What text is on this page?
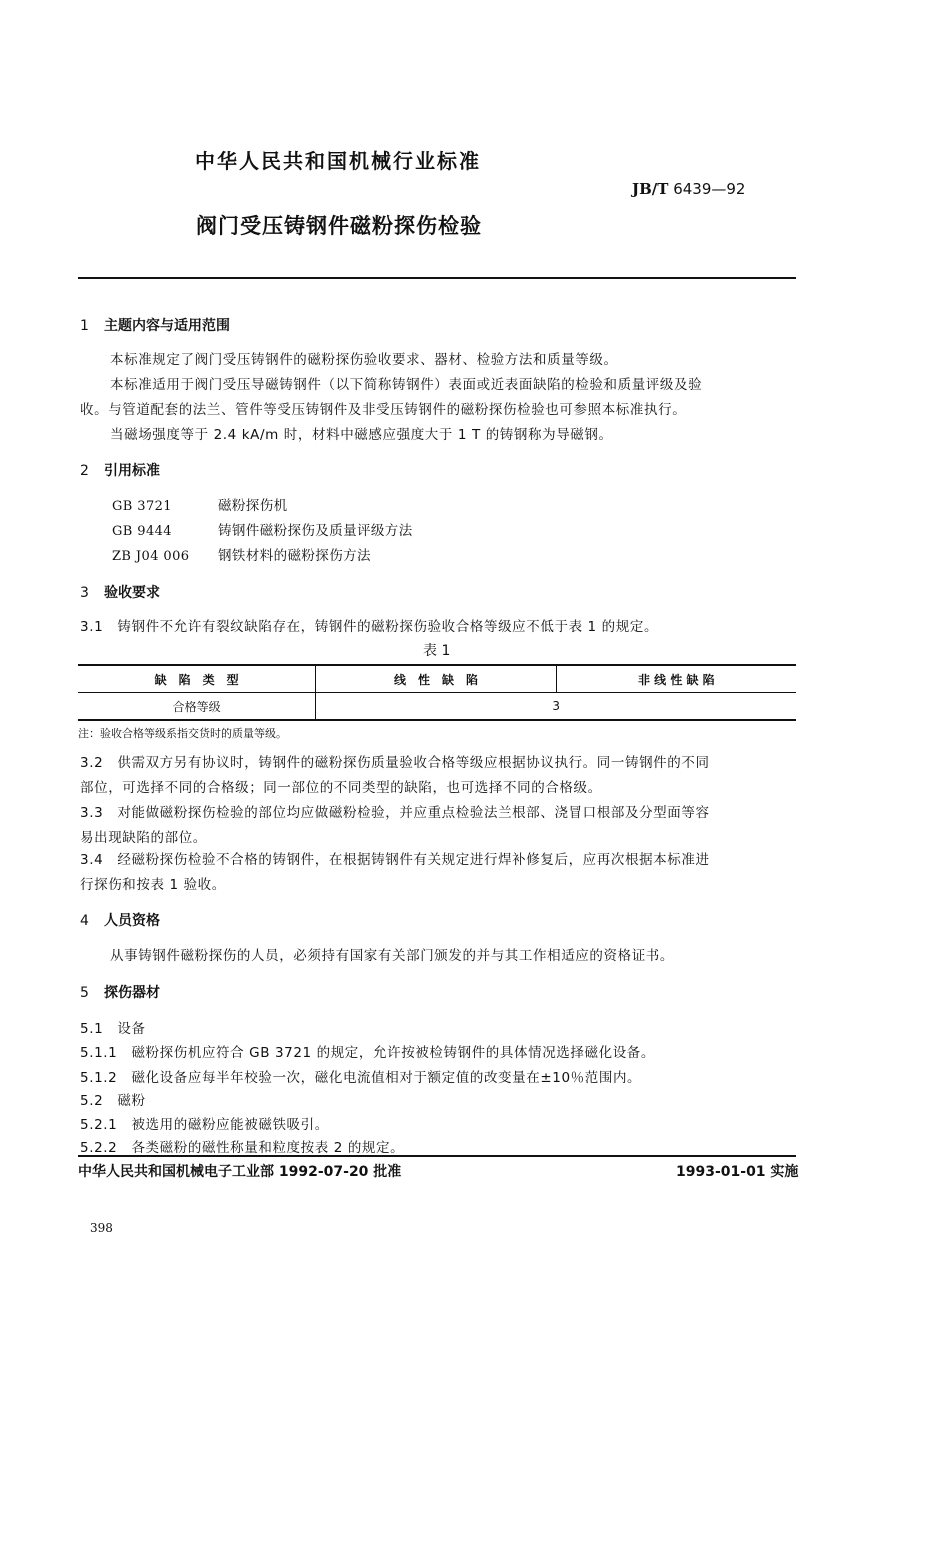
中华人民共和国机械行业标准
JB/T 6439—92
阀门受压铸钢件磁粉探伤检验
1 主题内容与适用范围
本标准规定了阀门受压铸钢件的磁粉探伤验收要求、器材、检验方法和质量等级。
本标准适用于阀门受压导磁铸钢件（以下简称铸钢件）表面或近表面缺陷的检验和质量评级及验
收。与管道配套的法兰、管件等受压铸钢件及非受压铸钢件的磁粉探伤检验也可参照本标准执行。
当磁场强度等于 2.4 kA/m 时，材料中磁感应强度大于 1 T 的铸钢称为导磁钢。
2 引用标准
GB 3721	磁粉探伤机
GB 9444	铸钢件磁粉探伤及质量评级方法
ZB J04 006 钢铁材料的磁粉探伤方法
3 验收要求
3.1　铸钢件不允许有裂纹缺陷存在，铸钢件的磁粉探伤验收合格等级应不低于表 1 的规定。
表 1
缺　陷　类　型	线　性　缺　陷	非 线 性 缺 陷
合格等级	3	
注：验收合格等级系指交货时的质量等级。
3.2　供需双方另有协议时，铸钢件的磁粉探伤质量验收合格等级应根据协议执行。同一铸钢件的不同
部位，可选择不同的合格级；同一部位的不同类型的缺陷，也可选择不同的合格级。
3.3　对能做磁粉探伤检验的部位均应做磁粉检验，并应重点检验法兰根部、浇冒口根部及分型面等容
易出现缺陷的部位。
3.4　经磁粉探伤检验不合格的铸钢件，在根据铸钢件有关规定进行焊补修复后，应再次根据本标准进
行探伤和按表 1 验收。
4 人员资格
从事铸钢件磁粉探伤的人员，必须持有国家有关部门颁发的并与其工作相适应的资格证书。
5 探伤器材
5.1　设备
5.1.1　磁粉探伤机应符合 GB 3721 的规定，允许按被检铸钢件的具体情况选择磁化设备。
5.1.2　磁化设备应每半年校验一次，磁化电流值相对于额定值的改变量在±10％范围内。
5.2　磁粉
5.2.1　被选用的磁粉应能被磁铁吸引。
5.2.2　各类磁粉的磁性称量和粒度按表 2 的规定。
中华人民共和国机械电子工业部 1992-07-20 批准	1993-01-01 实施
398
